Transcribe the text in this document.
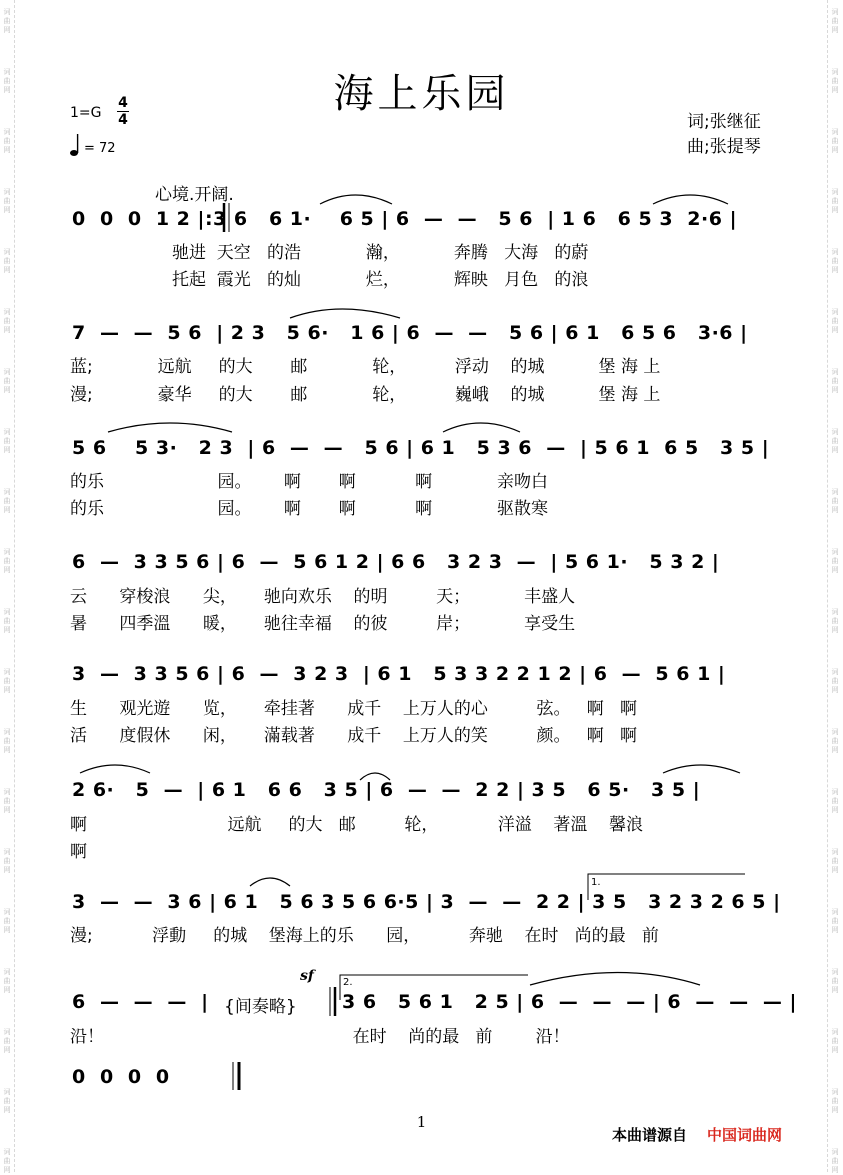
词
曲
网
词
曲
网
词
曲
网
词
曲
网
词
曲
网
词
曲
网
词
曲
网
词
曲
网
词
曲
网
词
曲
网
词
曲
网
词
曲
网
词
曲
网
词
曲
网
词
曲
网
词
曲
网
词
曲
网
词
曲
网
词
曲
网
词
曲
网
词
曲
网
词
曲
网
词
曲
网
词
曲
网
词
曲
网
词
曲
网
词
曲
网
词
曲
网
词
曲
网
词
曲
网
词
曲
网
词
曲
网
词
曲
网
词
曲
网
词
曲
网
词
曲
网
词
曲
网
词
曲
网
词
曲
网
词
曲
网
海上乐园
1=G
4
4
= 72
词;张继征
曲;张提琴
心境.开阔.
0  0  0  1 2 |:3 6   6 1·    6 5 | 6  —  —   5 6  | 1 6   6 5 3  2·6 |
驰进  天空   的浩            瀚，          奔腾   大海   的蔚
托起  霞光   的灿            烂，          辉映   月色   的浪
7  —  —  5 6  | 2 3   5 6·   1 6 | 6  —  —   5 6 | 6 1   6 5 6   3·6 |
蓝;            远航     的大       邮            轮，         浮动    的城          堡 海 上
漫;            豪华     的大       邮            轮，         巍峨    的城          堡 海 上
5 6    5 3·   2 3  | 6  —  —   5 6 | 6 1   5 3 6  —  | 5 6 1  6 5   3 5 |
的乐                     园。      啊       啊           啊            亲吻白
的乐                     园。      啊       啊           啊            驱散寒
6  —  3 3 5 6 | 6  —  5 6 1 2 | 6 6   3 2 3  —  | 5 6 1·   5 3 2 |
云      穿梭浪      尖，     驰向欢乐    的明         天；          丰盛人
暑      四季溫      暖，     驰往幸福    的彼         岸；          享受生
3  —  3 3 5 6 | 6  —  3 2 3  | 6 1   5 3 3 2 2 1 2 | 6  —  5 6 1 |
生      观光遊      览，     牵挂著      成千    上万人的心         弦。   啊   啊
活      度假休      闲，     滿载著      成千    上万人的笑         颜。   啊   啊
2 6·   5  —  | 6 1   6 6   3 5 | 6  —  —  2 2 | 3 5   6 5·   3 5 |
啊                          远航     的大   邮         轮，           洋溢    著溫    馨浪
啊
3  —  —  3 6 | 6 1   5 6 3 5 6 6·5 | 3  —  —  2 2 | 3 5   3 2 3 2 6 5 |
漫;           浮動     的城    堡海上的乐      园，         奔驰    在时   尚的最   前
1.
6  —  —  —  | {间奏略}
sf
3 6   5 6 1   2 5 | 6  —  —  — | 6  —  —  — |
沿！                                              在时    尚的最   前        沿！
2.
0  0  0  0
1
本曲谱源自 中国词曲网
